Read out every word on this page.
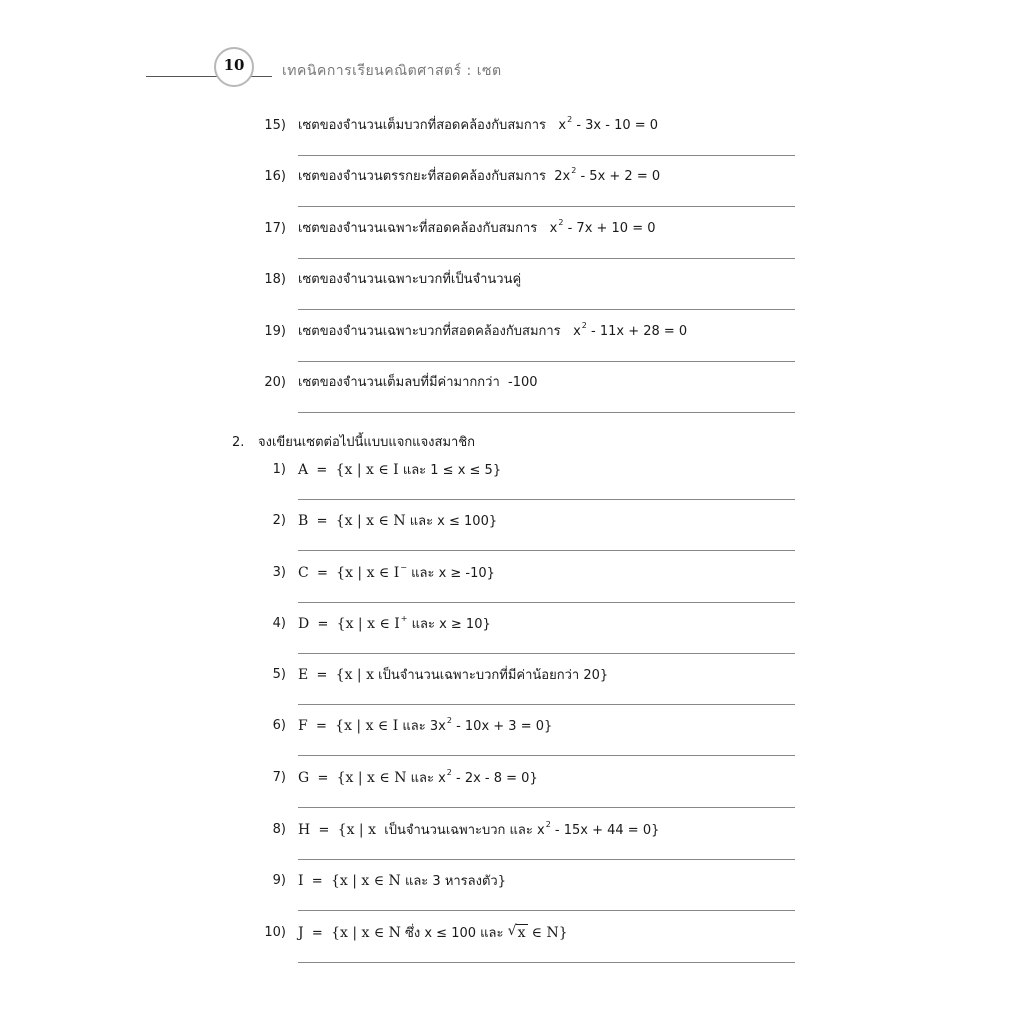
10	เทคนิคการเรียนคณิตศาสตร์ : เซต
15) เซตของจำนวนเต็มบวกที่สอดคล้องกับสมการ $x^2 - 3x - 10 = 0$
16) เซตของจำนวนตรรกยะที่สอดคล้องกับสมการ $2x^2 - 5x + 2 = 0$
17) เซตของจำนวนเฉพาะที่สอดคล้องกับสมการ $x^2 - 7x + 10 = 0$
18) เซตของจำนวนเฉพาะบวกที่เป็นจำนวนคู่
19) เซตของจำนวนเฉพาะบวกที่สอดคล้องกับสมการ $x^2 - 11x + 28 = 0$
20) เซตของจำนวนเต็มลบที่มีค่ามากกว่า -100
2. จงเขียนเซตต่อไปนี้แบบแจกแจงสมาชิก
1) A = {x | x ∈ I และ 1 ≤ x ≤ 5}
2) B = {x | x ∈ N และ x ≤ 100}
3) C = {x | x ∈ I− และ x ≥ -10}
4) D = {x | x ∈ I+ และ x ≥ 10}
5) E = {x | x เป็นจำนวนเฉพาะบวกที่มีค่าน้อยกว่า 20}
6) F = {x | x ∈ I และ $3x^2 - 10x + 3 = 0$}
7) G = {x | x ∈ N และ $x^2 - 2x - 8 = 0$}
8) H = {x | x เป็นจำนวนเฉพาะบวก และ $x^2 - 15x + 44 = 0$}
9) I = {x | x ∈ N และ 3 หารลงตัว}
10) J = {x | x ∈ N ซึ่ง x ≤ 100 และ √ x ∈ N}
